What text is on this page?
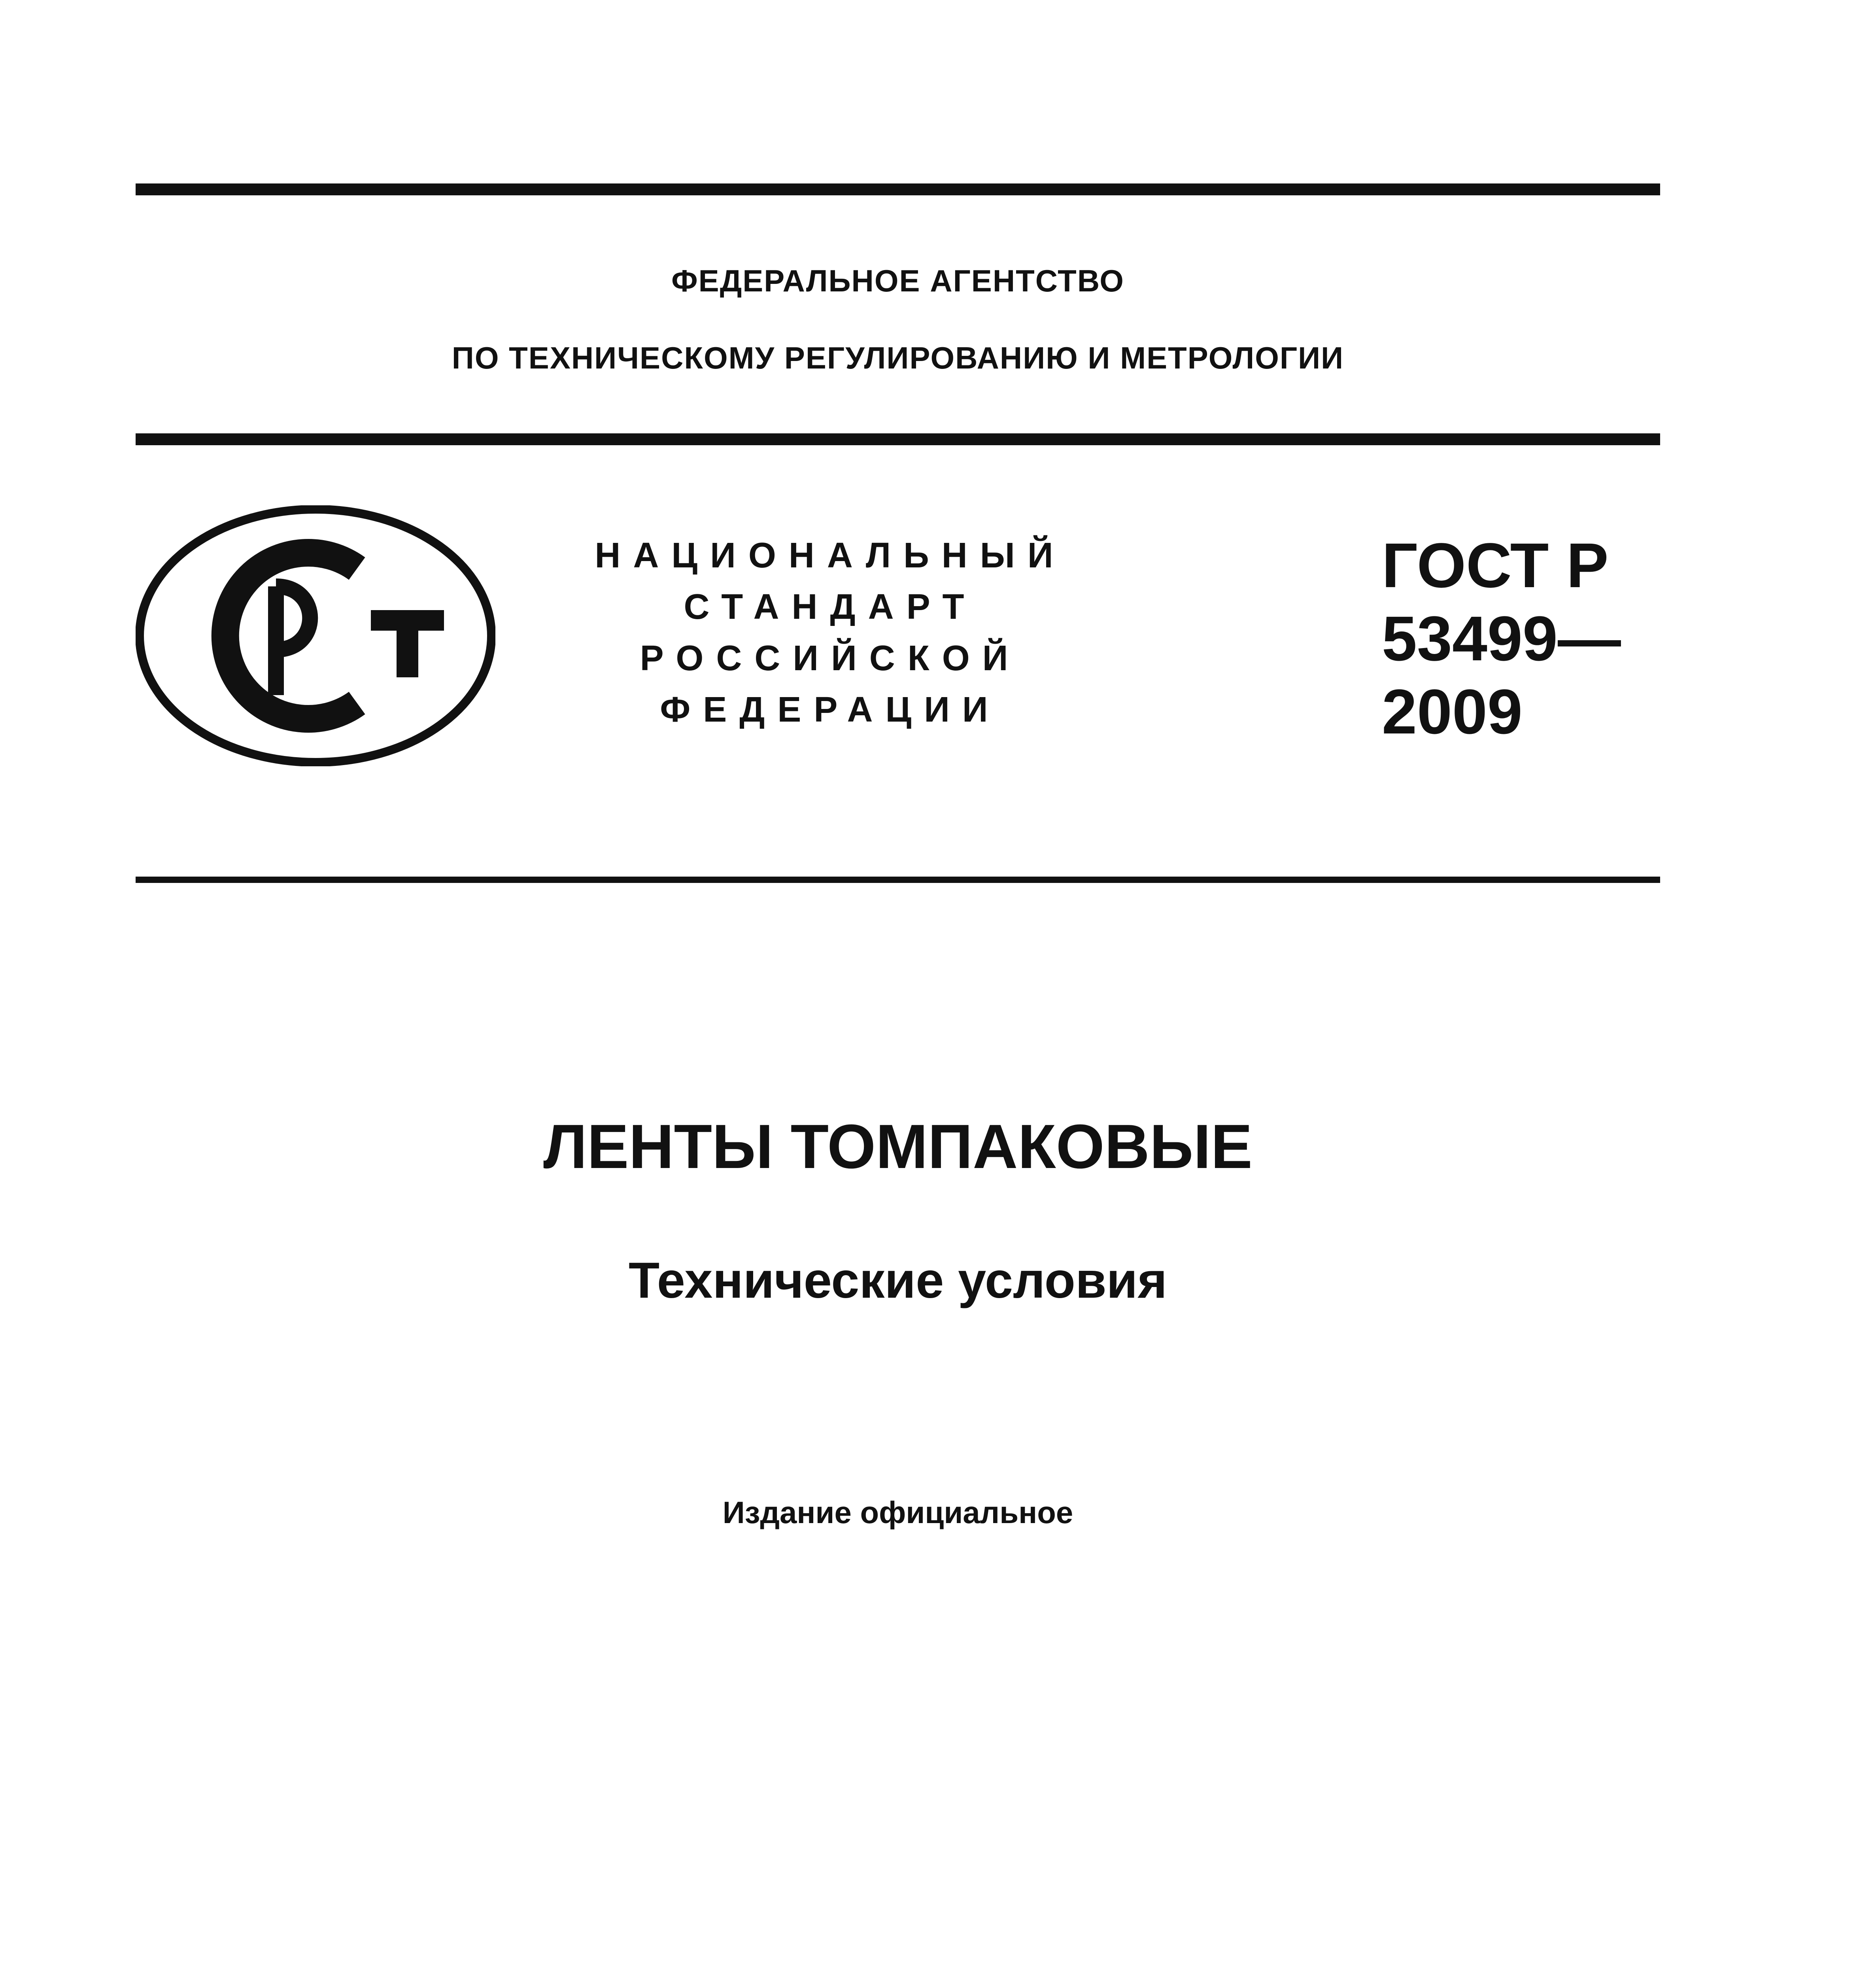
ФЕДЕРАЛЬНОЕ АГЕНТСТВО
ПО ТЕХНИЧЕСКОМУ РЕГУЛИРОВАНИЮ И МЕТРОЛОГИИ
НАЦИОНАЛЬНЫЙ
СТАНДАРТ
РОССИЙСКОЙ
ФЕДЕРАЦИИ
ГОСТ Р
53499—
2009
ЛЕНТЫ ТОМПАКОВЫЕ
Технические условия
Издание официальное
